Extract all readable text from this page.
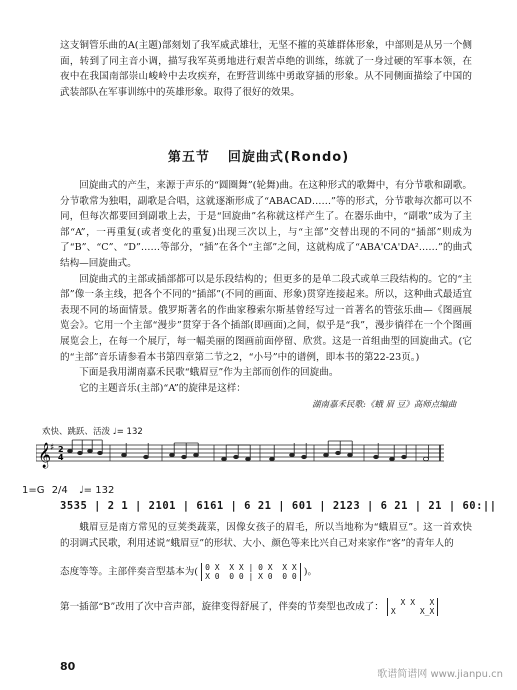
这支铜管乐曲的A(主题)部刻划了我军威武雄壮，无坚不摧的英雄群体形象，中部则是从另一个侧面，转到了同主音小调，描写我军英勇地进行艰苦卓绝的训练，练就了一身过硬的军事本领，在夜中在我国南部崇山峻岭中去攻疾弃，在野营训练中勇敢穿插的形象。从不同侧面描绘了中国的武装部队在军事训练中的英雄形象。取得了很好的效果。

第五节 回旋曲式(Rondo)

回旋曲式的产生，来源于声乐的“圆圈舞”(轮舞)曲。在这种形式的歌舞中，有分节歌和副歌。分节歌常为独唱，副歌是合唱，这就逐渐形成了“ABACAD……”等的形式，分节歌每次都可以不同，但每次都要回到副歌上去，于是“回旋曲”名称就这样产生了。在器乐曲中，“副歌”成为了主部“A”，一再重复(或者变化的重复)出现三次以上，与“主部”交替出现的不同的“插部”则成为了“B”、“C”、“D”……等部分，“插”在各个“主部”之间，这就构成了“ABA'CA'DA²……”的曲式结构—回旋曲式。

回旋曲式的主部或插部都可以是乐段结构的；但更多的是单二段式或单三段结构的。它的“主部”像一条主线，把各个不同的“插部”(不同的画面、形象)贯穿连接起来。所以，这种曲式最适宜表现不同的场面情景。俄罗斯著名的作曲家穆索尔斯基曾经写过一首著名的管弦乐曲—《图画展览会》。它用一个主部“漫步”贯穿于各个插部(即画面)之间，似乎是“我”，漫步徜徉在一个个图画展览会上，在每一个展厅，每一幅美丽的图画前面停留、欣赏。这是一首组曲型的回旋曲式。(它的“主部”音乐请参看本书第四章第二节之2，“小号”中的谱例，即本书的第22-23页。)

下面是我用湖南嘉禾民歌“蛾眉豆”作为主部而创作的回旋曲。

它的主题音乐(主部)“A”的旋律是这样：

欢快、跳跃、活泼 ♩= 132
湖南嘉禾民歌:《蛾 眉 豆》高师点编曲
𝄞
♯ 2
4
1=G 2/4 ♩= 132
3535 | 2 1 | 2101 | 6161 | 6 21 | 601 | 2123 | 6 21 | 21 | 60:||

蛾眉豆是南方常见的豆荚类蔬菜，因像女孩子的眉毛，所以当地称为“蛾眉豆”。这一首欢快的羽调式民歌，利用述说“蛾眉豆”的形状、大小、颜色等来比兴自己对来家作“客”的青年人的

态度等等。主部伴奏音型基本为( 0 X  X X | 0 X  X X
X 0  0 0 | X 0  0 0 )。
第一插部“B”改用了次中音声部，旋律变得舒展了，伴奏的节奏型也改成了： X X   X
X     X_X
80
歌谱简谱网 www.jianpu.cn
